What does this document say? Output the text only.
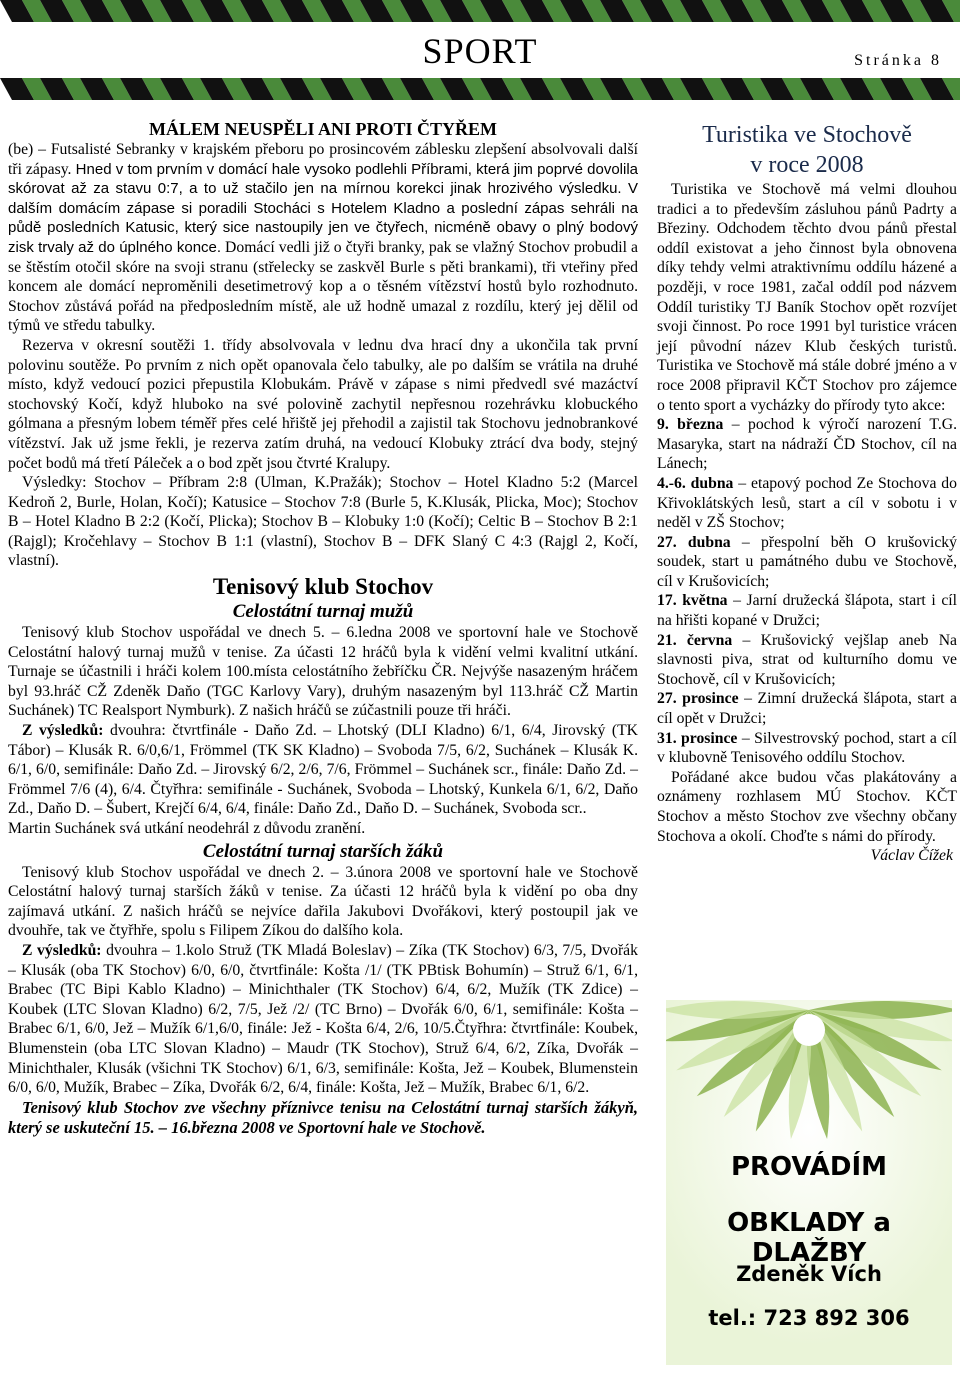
SPORT	Stránka 8

MÁLEM NEUSPĚLI ANI PROTI ČTYŘEM

(be) – Futsalisté Sebranky v krajském přeboru po prosincovém záblesku zlepšení absolvovali další tři zápasy. Hned v tom prvním v domácí hale vysoko podlehli Příbrami, která jim poprvé dovolila skórovat až za stavu 0:7, a to už stačilo jen na mírnou korekci jinak hrozivého výsledku. V dalším domácím zápase si poradili Stocháci s Hotelem Kladno a poslední zápas sehráli na půdě posledních Katusic, který sice nastoupily jen ve čtyřech, nicméně obavy o plný bodový zisk trvaly až do úplného konce. Domácí vedli již o čtyři branky, pak se vlažný Stochov probudil a se štěstím otočil skóre na svoji stranu (střelecky se zaskvěl Burle s pěti brankami), tři vteřiny před koncem ale domácí neproměnili desetimetrový kop a o těsném vítězství hostů bylo rozhodnuto. Stochov zůstává pořád na předposledním místě, ale už hodně umazal z rozdílu, který jej dělil od týmů ve středu tabulky.

Rezerva v okresní soutěži 1. třídy absolvovala v lednu dva hrací dny a ukončila tak první polovinu soutěže. Po prvním z nich opět opanovala čelo tabulky, ale po dalším se vrátila na druhé místo, když vedoucí pozici přepustila Klobukám. Právě v zápase s nimi předvedl své mazáctví stochovský Kočí, když hluboko na své polovině zachytil nepřesnou rozehrávku klobuckého gólmana a přesným lobem téměř přes celé hřiště jej přehodil a zajistil tak Stochovu jednobrankové vítězství. Jak už jsme řekli, je rezerva zatím druhá, na vedoucí Klobuky ztrácí dva body, stejný počet bodů má třetí Páleček a o bod zpět jsou čtvrté Kralupy.

Výsledky: Stochov – Příbram 2:8 (Ulman, K.Pražák); Stochov – Hotel Kladno 5:2 (Marcel Kedroň 2, Burle, Holan, Kočí); Katusice – Stochov 7:8 (Burle 5, K.Klusák, Plicka, Moc); Stochov B – Hotel Kladno B 2:2 (Kočí, Plicka); Stochov B – Klobuky 1:0 (Kočí); Celtic B – Stochov B 2:1 (Rajgl); Kročehlavy – Stochov B 1:1 (vlastní), Stochov B – DFK Slaný C 4:3 (Rajgl 2, Kočí, vlastní).

Tenisový klub Stochov

Celostátní turnaj mužů

Tenisový klub Stochov uspořádal ve dnech 5. – 6.ledna 2008 ve sportovní hale ve Stochově Celostátní halový turnaj mužů v tenise. Za účasti 12 hráčů byla k vidění velmi kvalitní utkání. Turnaje se účastnili i hráči kolem 100.místa celostátního žebříčku ČR. Nejvýše nasazeným hráčem byl 93.hráč CŽ Zdeněk Daňo (TGC Karlovy Vary), druhým nasazeným byl 113.hráč CŽ Martin Suchánek) TC Realsport Nymburk). Z našich hráčů se zúčastnili pouze tři hráči.

Z výsledků: dvouhra: čtvrtfinále - Daňo Zd. – Lhotský (DLI Kladno) 6/1, 6/4, Jirovský (TK Tábor) – Klusák R. 6/0,6/1, Frömmel (TK SK Kladno) – Svoboda 7/5, 6/2, Suchánek – Klusák K. 6/1, 6/0, semifinále: Daňo Zd. – Jirovský 6/2, 2/6, 7/6, Frömmel – Suchánek scr., finále: Daňo Zd. – Frömmel 7/6 (4), 6/4. Čtyřhra: semifinále - Suchánek, Svoboda – Lhotský, Kunkela 6/1, 6/2, Daňo Zd., Daňo D. – Šubert, Krejčí 6/4, 6/4, finále: Daňo Zd., Daňo D. – Suchánek, Svoboda scr..

Martin Suchánek svá utkání neodehrál z důvodu zranění.

Celostátní turnaj starších žáků

Tenisový klub Stochov uspořádal ve dnech 2. – 3.února 2008 ve sportovní hale ve Stochově Celostátní halový turnaj starších žáků v tenise. Za účasti 12 hráčů byla k vidění po oba dny zajímavá utkání. Z našich hráčů se nejvíce dařila Jakubovi Dvořákovi, který postoupil jak ve dvouhře, tak ve čtyřhře, spolu s Filipem Zíkou do dalšího kola.

Z výsledků: dvouhra – 1.kolo Struž (TK Mladá Boleslav) – Zíka (TK Stochov) 6/3, 7/5, Dvořák – Klusák (oba TK Stochov) 6/0, 6/0, čtvrtfinále: Košta /1/ (TK PBtisk Bohumín) – Struž 6/1, 6/1, Brabec (TC Bipi Kablo Kladno) – Minichthaler (TK Stochov) 6/4, 6/2, Mužík (TK Zdice) – Koubek (LTC Slovan Kladno) 6/2, 7/5, Jež /2/ (TC Brno) – Dvořák 6/0, 6/1, semifinále: Košta – Brabec 6/1, 6/0, Jež – Mužík 6/1,6/0, finále: Jež - Košta 6/4, 2/6, 10/5.Čtyřhra: čtvrtfinále: Koubek, Blumenstein (oba LTC Slovan Kladno) – Maudr (TK Stochov), Struž 6/4, 6/2, Zíka, Dvořák – Minichthaler, Klusák (všichni TK Stochov) 6/1, 6/3, semifinále: Košta, Jež – Koubek, Blumenstein 6/0, 6/0, Mužík, Brabec – Zíka, Dvořák 6/2, 6/4, finále: Košta, Jež – Mužík, Brabec 6/1, 6/2.

Tenisový klub Stochov zve všechny příznivce tenisu na Celostátní turnaj starších žákyň, který se uskuteční 15. – 16.března 2008 ve Sportovní hale ve Stochově.

Turistika ve Stochově

v roce 2008

Turistika ve Stochově má velmi dlouhou tradici a to především zásluhou pánů Padrty a Březiny. Odchodem těchto dvou pánů přestal oddíl existovat a jeho činnost byla obnovena díky tehdy velmi atraktivnímu oddílu házené a později, v roce 1981, začal oddíl pod názvem Oddíl turistiky TJ Baník Stochov opět rozvíjet svoji činnost. Po roce 1991 byl turistice vrácen její původní název Klub českých turistů. Turistika ve Stochově má stále dobré jméno a v roce 2008 připravil KČT Stochov pro zájemce o tento sport a vycházky do přírody tyto akce:

9. března – pochod k výročí narození T.G. Masaryka, start na nádraží ČD Stochov, cíl na Lánech;

4.-6. dubna – etapový pochod Ze Stochova do Křivoklátských lesů, start a cíl v sobotu i v neděl v ZŠ Stochov;

27. dubna – přespolní běh O krušovický soudek, start u památného dubu ve Stochově, cíl v Krušovicích;

17. května – Jarní družecká šlápota, start i cíl na hřišti kopané v Družci;

21. června – Krušovický vejšlap aneb Na slavnosti piva, strat od kulturního domu ve Stochově, cíl v Krušovicích;

27. prosince – Zimní družecká šlápota, start a cíl opět v Družci;

31. prosince – Silvestrovský pochod, start a cíl v klubovně Tenisového oddílu Stochov.

Pořádané akce budou včas plakátovány a oznámeny rozhlasem MÚ Stochov. KČT Stochov a město Stochov zve všechny občany Stochova a okolí. Choďte s námi do přírody.

Václav Čížek

PROVÁDÍM
OBKLADY a DLAŽBY
Zdeněk Vích
tel.: 723 892 306
